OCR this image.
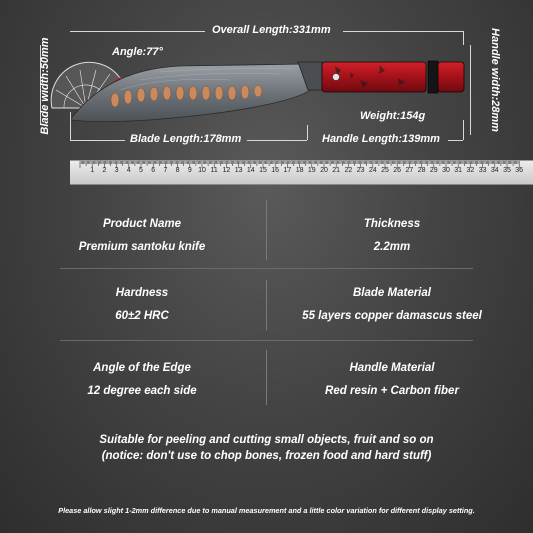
Overall Length:331mm
Angle:77°
Blade width:50mm	Handle width:28mm
Weight:154g
Blade Length:178mm	Handle Length:139mm
1 2 3 4 5 6 7 8 9 10 11 12 13 14 15 16 17 18 19 20 21 22 23 24 25 26 27 28 29 30 31 32 33 34 35 36
Product Name
Premium santoku knife
Thickness
2.2mm
Hardness
60±2 HRC
Blade Material
55 layers copper damascus steel
Angle of the Edge
12 degree each side
Handle Material
Red resin + Carbon fiber
Suitable for peeling and cutting small objects, fruit and so on
(notice: don't use to chop bones, frozen food and hard stuff)
Please allow slight 1-2mm difference due to manual measurement and a little color variation for different display setting.
